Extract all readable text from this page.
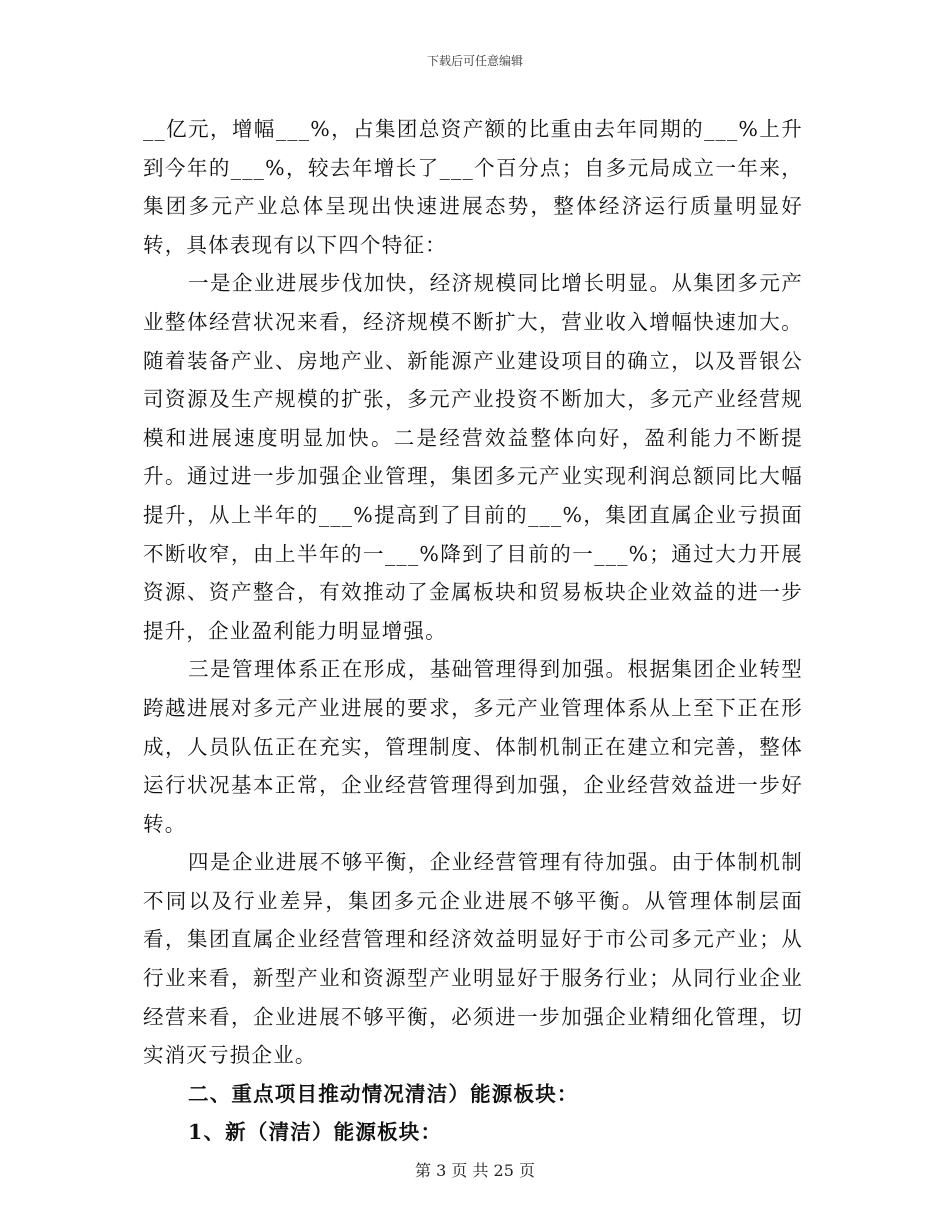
下载后可任意编辑

__亿元，增幅___%，占集团总资产额的比重由去年同期的___%上升到今年的___%，较去年增长了___个百分点；自多元局成立一年来，集团多元产业总体呈现出快速进展态势，整体经济运行质量明显好转，具体表现有以下四个特征：

一是企业进展步伐加快，经济规模同比增长明显。从集团多元产业整体经营状况来看，经济规模不断扩大，营业收入增幅快速加大。随着装备产业、房地产业、新能源产业建设项目的确立，以及晋银公司资源及生产规模的扩张，多元产业投资不断加大，多元产业经营规模和进展速度明显加快。二是经营效益整体向好，盈利能力不断提升。通过进一步加强企业管理，集团多元产业实现利润总额同比大幅提升，从上半年的___%提高到了目前的___%，集团直属企业亏损面不断收窄，由上半年的一___%降到了目前的一___%；通过大力开展资源、资产整合，有效推动了金属板块和贸易板块企业效益的进一步提升，企业盈利能力明显增强。

三是管理体系正在形成，基础管理得到加强。根据集团企业转型跨越进展对多元产业进展的要求，多元产业管理体系从上至下正在形成，人员队伍正在充实，管理制度、体制机制正在建立和完善，整体运行状况基本正常，企业经营管理得到加强，企业经营效益进一步好转。

四是企业进展不够平衡，企业经营管理有待加强。由于体制机制不同以及行业差异，集团多元企业进展不够平衡。从管理体制层面看，集团直属企业经营管理和经济效益明显好于市公司多元产业；从行业来看，新型产业和资源型产业明显好于服务行业；从同行业企业经营来看，企业进展不够平衡，必须进一步加强企业精细化管理，切实消灭亏损企业。

二、重点项目推动情况清洁）能源板块：

1、新（清洁）能源板块：

第 3 页 共 25 页
